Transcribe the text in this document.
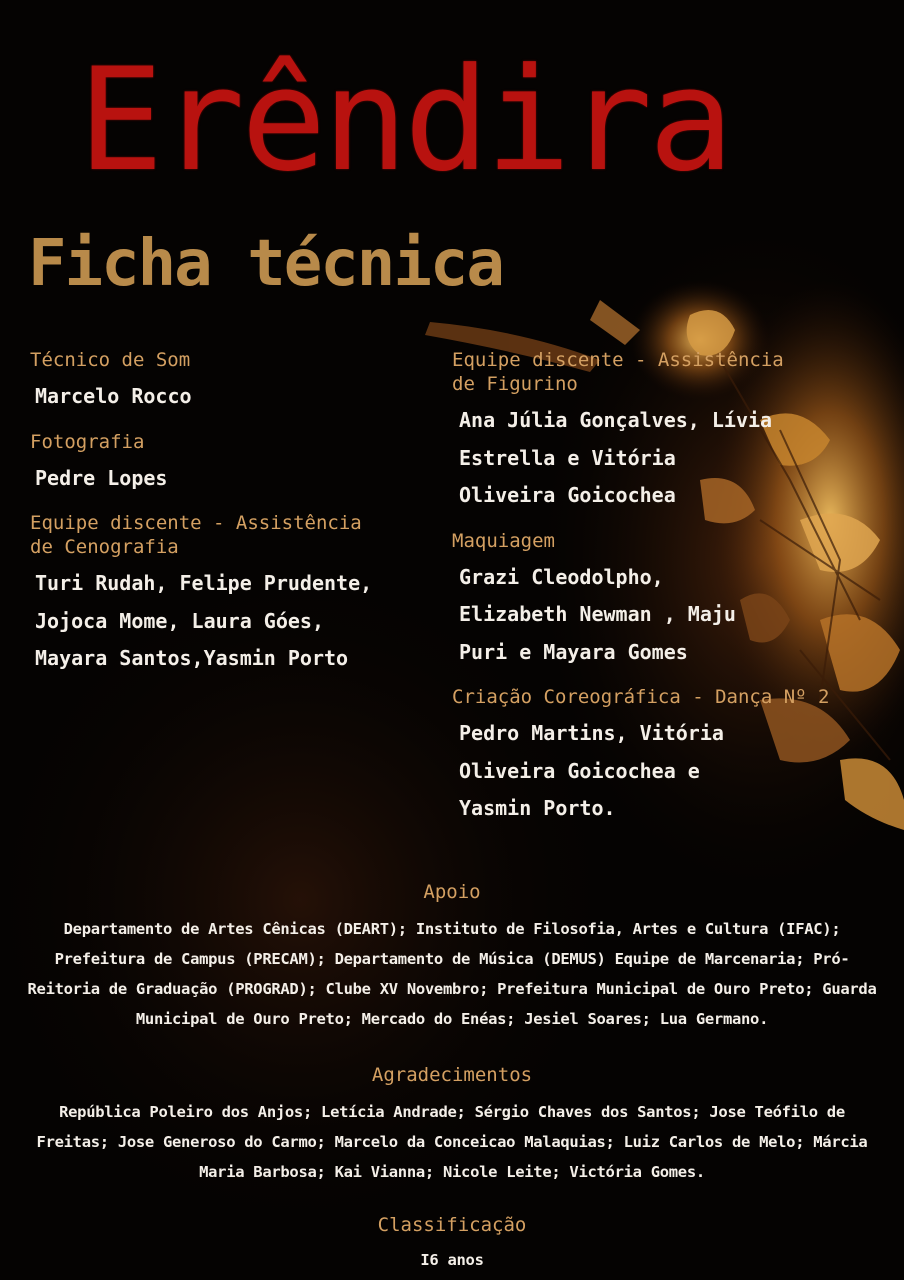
Erêndira
Ficha técnica
Técnico de Som
Marcelo Rocco
Fotografia
Pedre Lopes
Equipe discente - Assistência
de Cenografia
Turi Rudah, Felipe Prudente,
Jojoca Mome, Laura Góes,
Mayara Santos,Yasmin Porto
Equipe discente - Assistência
de Figurino
Ana Júlia Gonçalves, Lívia
Estrella e Vitória
Oliveira Goicochea
Maquiagem
Grazi Cleodolpho,
Elizabeth Newman , Maju
Puri e Mayara Gomes
Criação Coreográfica - Dança Nº 2
Pedro Martins, Vitória
Oliveira Goicochea e
Yasmin Porto.
Apoio
Departamento de Artes Cênicas (DEART); Instituto de Filosofia, Artes e Cultura (IFAC); Prefeitura de Campus (PRECAM); Departamento de Música (DEMUS) Equipe de Marcenaria; Pró-Reitoria de Graduação (PROGRAD); Clube XV Novembro; Prefeitura Municipal de Ouro Preto; Guarda Municipal de Ouro Preto; Mercado do Enéas; Jesiel Soares; Lua Germano.
Agradecimentos
República Poleiro dos Anjos; Letícia Andrade; Sérgio Chaves dos Santos; Jose Teófilo de Freitas; Jose Generoso do Carmo; Marcelo da Conceicao Malaquias; Luiz Carlos de Melo; Márcia Maria Barbosa; Kai Vianna; Nicole Leite; Victória Gomes.
Classificação
I6 anos
